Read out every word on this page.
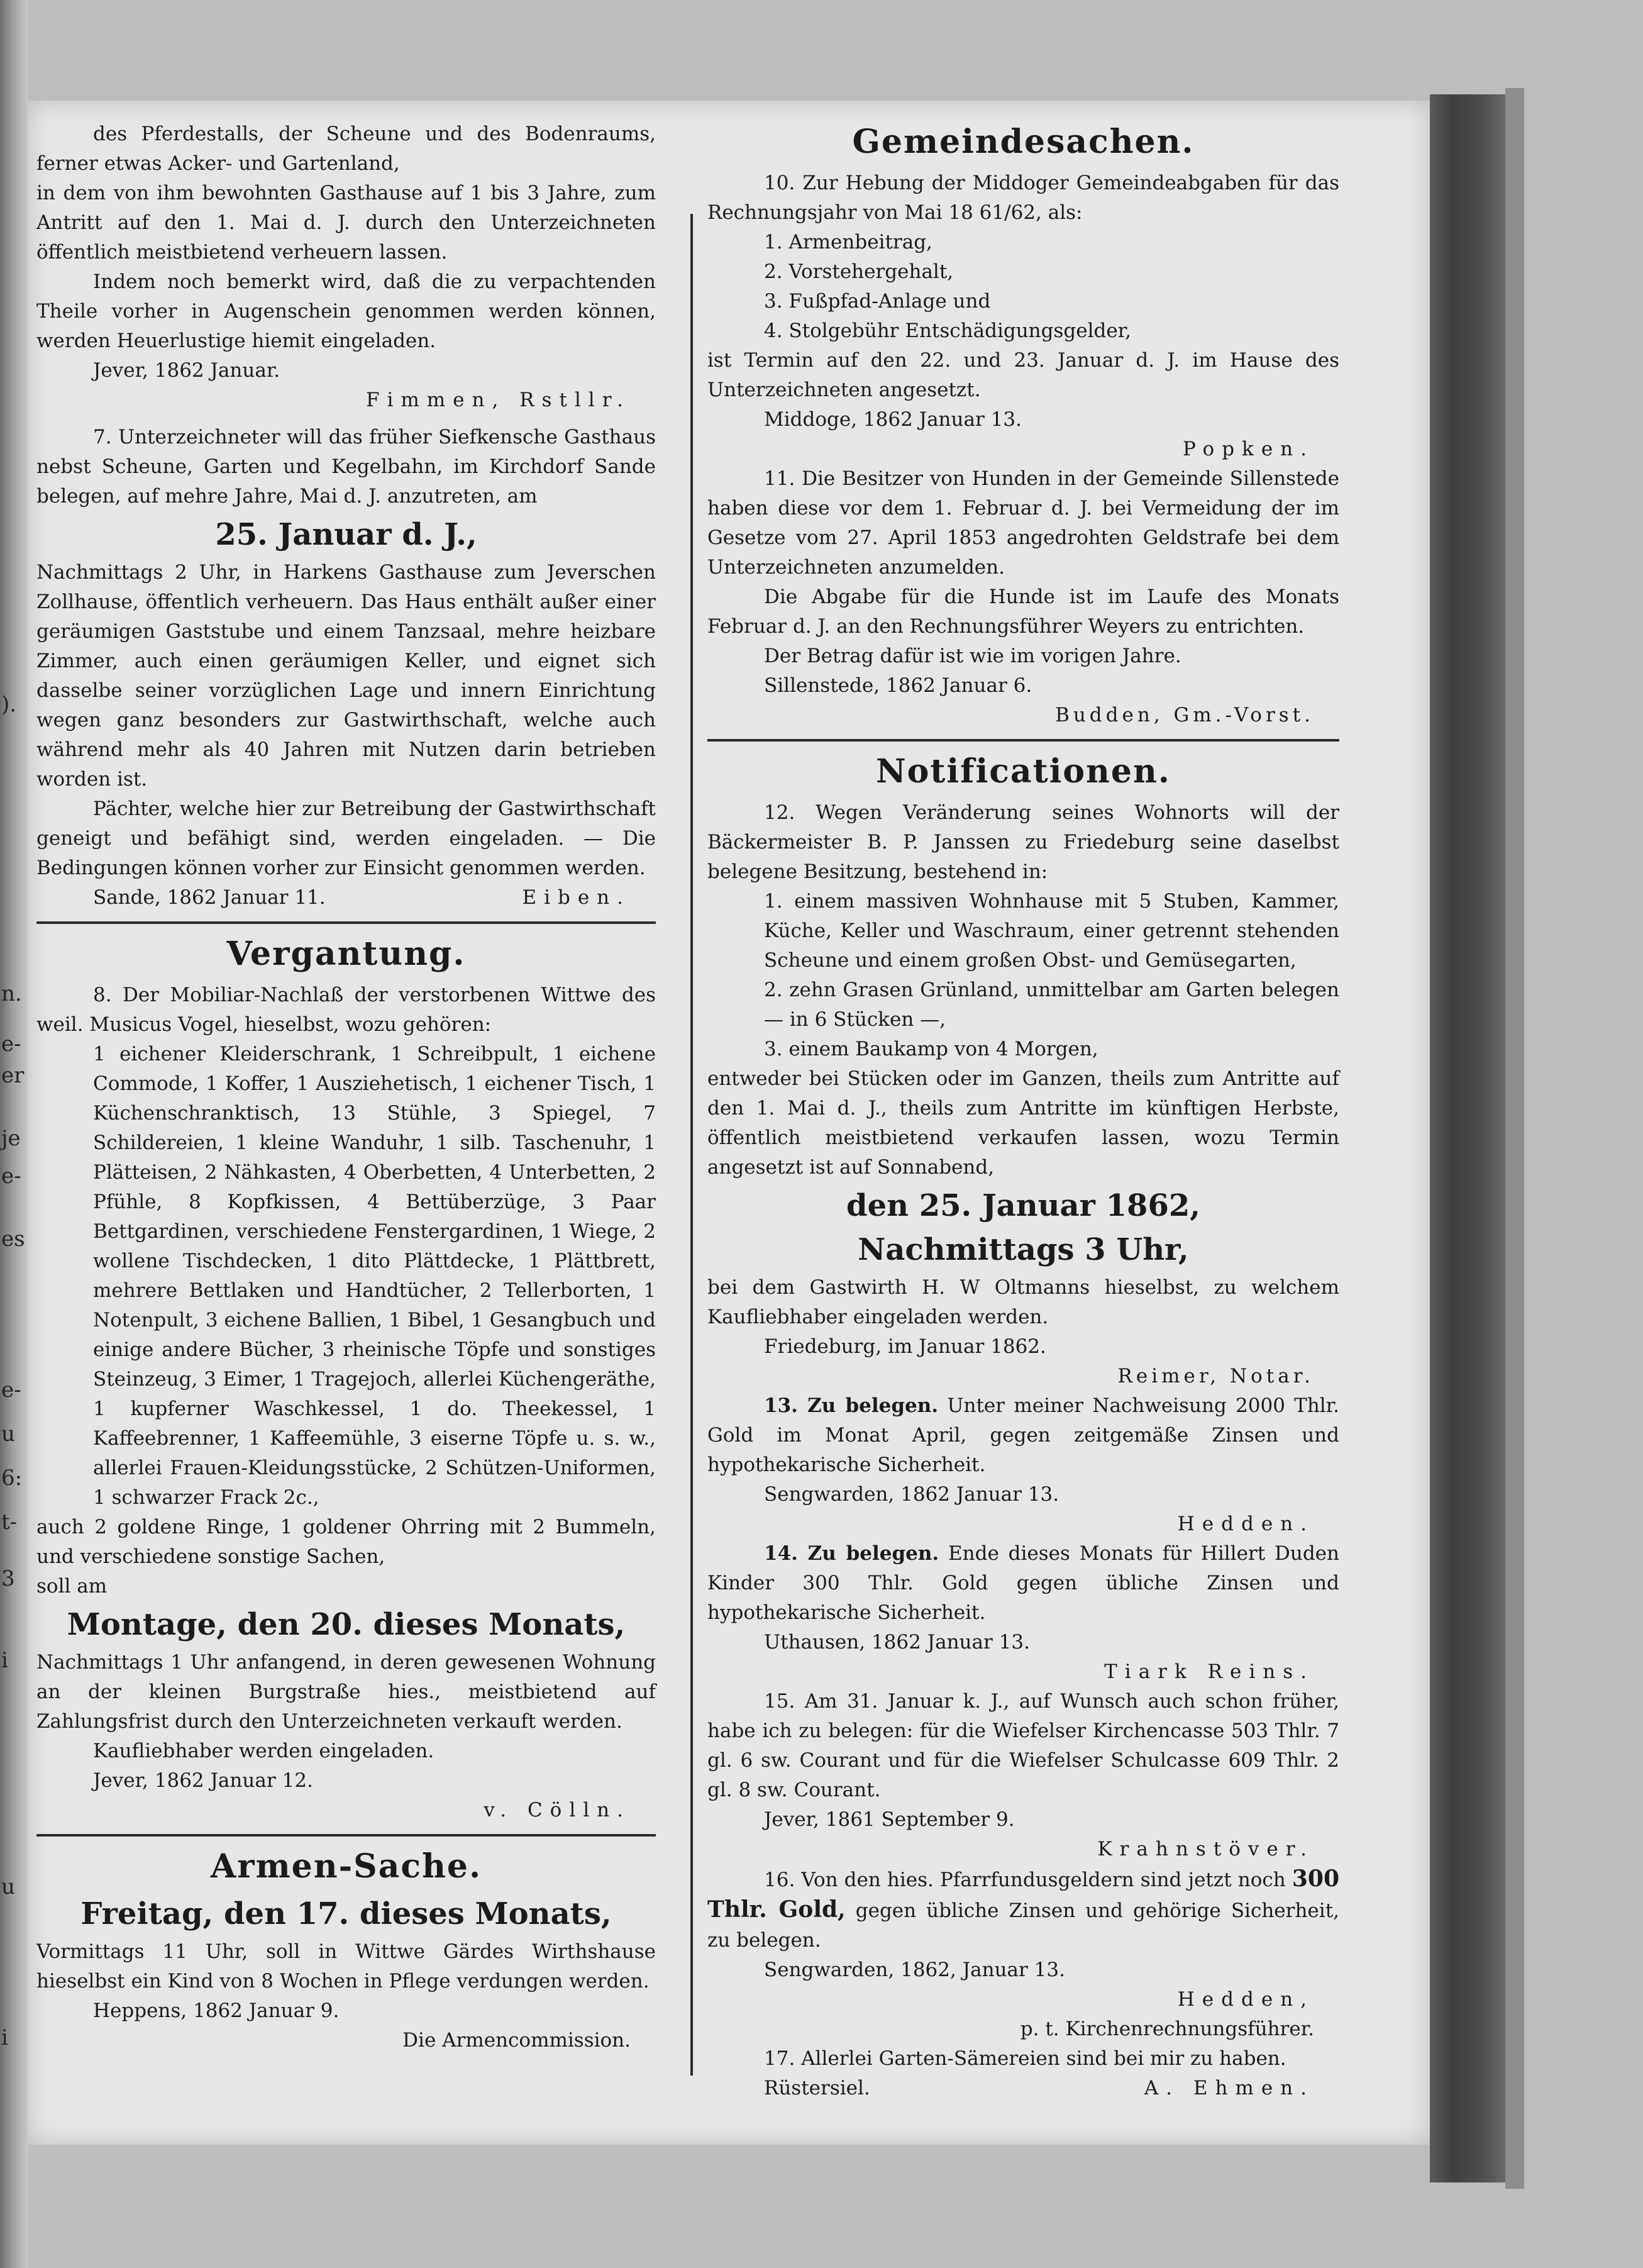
).
n.
e-
er
je
e-
es
e-
u
6:
t-
3
i
u
i

des Pferdestalls, der Scheune und des Bodenraums, ferner etwas Acker- und Gartenland,

in dem von ihm bewohnten Gasthause auf 1 bis 3 Jahre, zum Antritt auf den 1. Mai d. J. durch den Unterzeichneten öffentlich meistbietend verheuern lassen.

Indem noch bemerkt wird, daß die zu verpachtenden Theile vorher in Augenschein genommen werden können, werden Heuerlustige hiemit eingeladen.

Jever, 1862 Januar.

Fimmen, Rstllr.

7. Unterzeichneter will das früher Siefkensche Gasthaus nebst Scheune, Garten und Kegelbahn, im Kirchdorf Sande belegen, auf mehre Jahre, Mai d. J. anzutreten, am

25. Januar d. J.,

Nachmittags 2 Uhr, in Harkens Gasthause zum Jeverschen Zollhause, öffentlich verheuern. Das Haus enthält außer einer geräumigen Gaststube und einem Tanzsaal, mehre heizbare Zimmer, auch einen geräumigen Keller, und eignet sich dasselbe seiner vorzüglichen Lage und innern Einrichtung wegen ganz besonders zur Gastwirthschaft, welche auch während mehr als 40 Jahren mit Nutzen darin betrieben worden ist.

Pächter, welche hier zur Betreibung der Gastwirthschaft geneigt und befähigt sind, werden eingeladen. — Die Bedingungen können vorher zur Einsicht genommen werden.

Sande, 1862 Januar 11.	Eiben.

Vergantung.

8. Der Mobiliar-Nachlaß der verstorbenen Wittwe des weil. Musicus Vogel, hieselbst, wozu gehören:

1 eichener Kleiderschrank, 1 Schreibpult, 1 eichene Commode, 1 Koffer, 1 Ausziehetisch, 1 eichener Tisch, 1 Küchenschranktisch, 13 Stühle, 3 Spiegel, 7 Schildereien, 1 kleine Wanduhr, 1 silb. Taschenuhr, 1 Plätteisen, 2 Nähkasten, 4 Oberbetten, 4 Unterbetten, 2 Pfühle, 8 Kopfkissen, 4 Bettüberzüge, 3 Paar Bettgardinen, verschiedene Fenstergardinen, 1 Wiege, 2 wollene Tischdecken, 1 dito Plättdecke, 1 Plättbrett, mehrere Bettlaken und Handtücher, 2 Tellerborten, 1 Notenpult, 3 eichene Ballien, 1 Bibel, 1 Gesangbuch und einige andere Bücher, 3 rheinische Töpfe und sonstiges Steinzeug, 3 Eimer, 1 Tragejoch, allerlei Küchengeräthe, 1 kupferner Waschkessel, 1 do. Theekessel, 1 Kaffeebrenner, 1 Kaffeemühle, 3 eiserne Töpfe u. s. w., allerlei Frauen-Kleidungsstücke, 2 Schützen-Uniformen, 1 schwarzer Frack 2c.,

auch 2 goldene Ringe, 1 goldener Ohrring mit 2 Bummeln, und verschiedene sonstige Sachen,

soll am

Montage, den 20. dieses Monats,

Nachmittags 1 Uhr anfangend, in deren gewesenen Wohnung an der kleinen Burgstraße hies., meistbietend auf Zahlungsfrist durch den Unterzeichneten verkauft werden.

Kaufliebhaber werden eingeladen.

Jever, 1862 Januar 12.

v. Cölln.

Armen-Sache.
Freitag, den 17. dieses Monats,

Vormittags 11 Uhr, soll in Wittwe Gärdes Wirthshause hieselbst ein Kind von 8 Wochen in Pflege verdungen werden.

Heppens, 1862 Januar 9.

Die Armencommission.

Gemeindesachen.

10. Zur Hebung der Middoger Gemeindeabgaben für das Rechnungsjahr von Mai 18 61/62, als:

1. Armenbeitrag,

2. Vorstehergehalt,

3. Fußpfad-Anlage und

4. Stolgebühr Entschädigungsgelder,

ist Termin auf den 22. und 23. Januar d. J. im Hause des Unterzeichneten angesetzt.

Middoge, 1862 Januar 13.

Popken.

11. Die Besitzer von Hunden in der Gemeinde Sillenstede haben diese vor dem 1. Februar d. J. bei Vermeidung der im Gesetze vom 27. April 1853 angedrohten Geldstrafe bei dem Unterzeichneten anzumelden.

Die Abgabe für die Hunde ist im Laufe des Monats Februar d. J. an den Rechnungsführer Weyers zu entrichten.

Der Betrag dafür ist wie im vorigen Jahre.

Sillenstede, 1862 Januar 6.

Budden, Gm.-Vorst.

Notificationen.

12. Wegen Veränderung seines Wohnorts will der Bäckermeister B. P. Janssen zu Friedeburg seine daselbst belegene Besitzung, bestehend in:

1. einem massiven Wohnhause mit 5 Stuben, Kammer, Küche, Keller und Waschraum, einer getrennt stehenden Scheune und einem großen Obst- und Gemüsegarten,

2. zehn Grasen Grünland, unmittelbar am Garten belegen — in 6 Stücken —,

3. einem Baukamp von 4 Morgen,

entweder bei Stücken oder im Ganzen, theils zum Antritte auf den 1. Mai d. J., theils zum Antritte im künftigen Herbste, öffentlich meistbietend verkaufen lassen, wozu Termin angesetzt ist auf Sonnabend,

den 25. Januar 1862,
Nachmittags 3 Uhr,

bei dem Gastwirth H. W Oltmanns hieselbst, zu welchem Kaufliebhaber eingeladen werden.

Friedeburg, im Januar 1862.

Reimer, Notar.

13. Zu belegen. Unter meiner Nachweisung 2000 Thlr. Gold im Monat April, gegen zeitgemäße Zinsen und hypothekarische Sicherheit.

Sengwarden, 1862 Januar 13.

Hedden.

14. Zu belegen. Ende dieses Monats für Hillert Duden Kinder 300 Thlr. Gold gegen übliche Zinsen und hypothekarische Sicherheit.

Uthausen, 1862 Januar 13.

Tiark Reins.

15. Am 31. Januar k. J., auf Wunsch auch schon früher, habe ich zu belegen: für die Wiefelser Kirchencasse 503 Thlr. 7 gl. 6 sw. Courant und für die Wiefelser Schulcasse 609 Thlr. 2 gl. 8 sw. Courant.

Jever, 1861 September 9.

Krahnstöver.

16. Von den hies. Pfarrfundusgeldern sind jetzt noch 300 Thlr. Gold, gegen übliche Zinsen und gehörige Sicherheit, zu belegen.

Sengwarden, 1862, Januar 13.

Hedden,

p. t. Kirchenrechnungsführer.

17. Allerlei Garten-Sämereien sind bei mir zu haben.

Rüstersiel.	A. Ehmen.
